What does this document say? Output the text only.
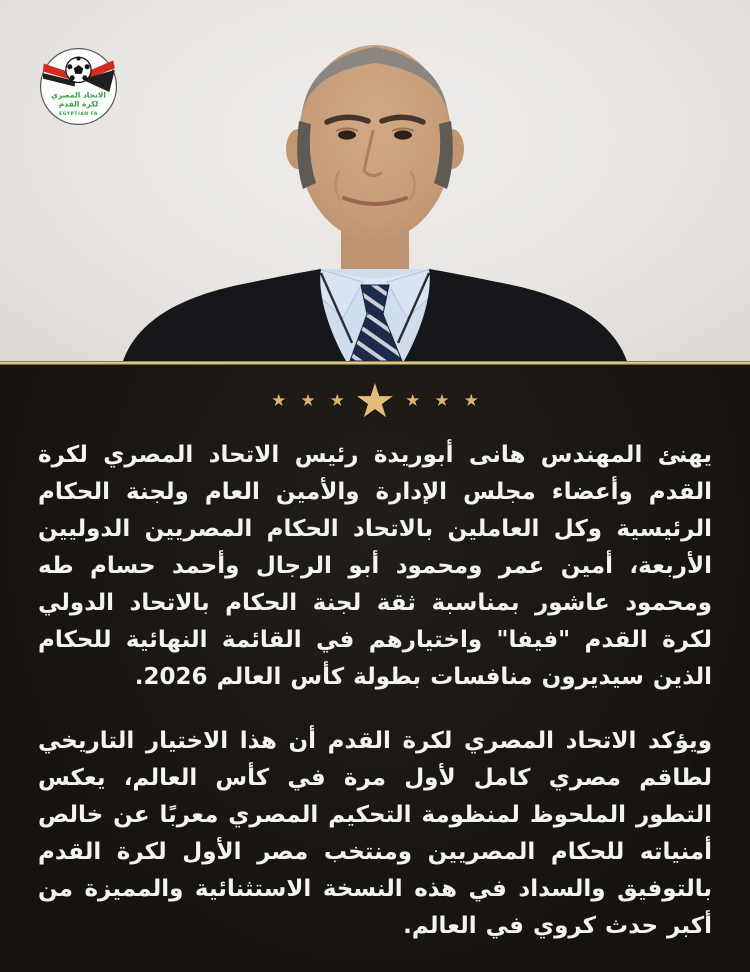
الاتحاد المصري
لكرة القدم
EGYPTIAN FA
★ ★ ★ ★ ★ ★ ★

يهنئ المهندس هانى أبوريدة رئيس الاتحاد المصري لكرة القدم وأعضاء مجلس الإدارة والأمين العام ولجنة الحكام الرئيسية وكل العاملين بالاتحاد الحكام المصريين الدوليين الأربعة، أمين عمر ومحمود أبو الرجال وأحمد حسام طه ومحمود عاشور بمناسبة ثقة لجنة الحكام بالاتحاد الدولي لكرة القدم "فيفا" واختيارهم في القائمة النهائية للحكام الذين سيديرون منافسات بطولة كأس العالم 2026.

ويؤكد الاتحاد المصري لكرة القدم أن هذا الاختيار التاريخي لطاقم مصري كامل لأول مرة في كأس العالم، يعكس التطور الملحوظ لمنظومة التحكيم المصري معربًا عن خالص أمنياته للحكام المصريين ومنتخب مصر الأول لكرة القدم بالتوفيق والسداد في هذه النسخة الاستثنائية والمميزة من أكبر حدث كروي في العالم.
